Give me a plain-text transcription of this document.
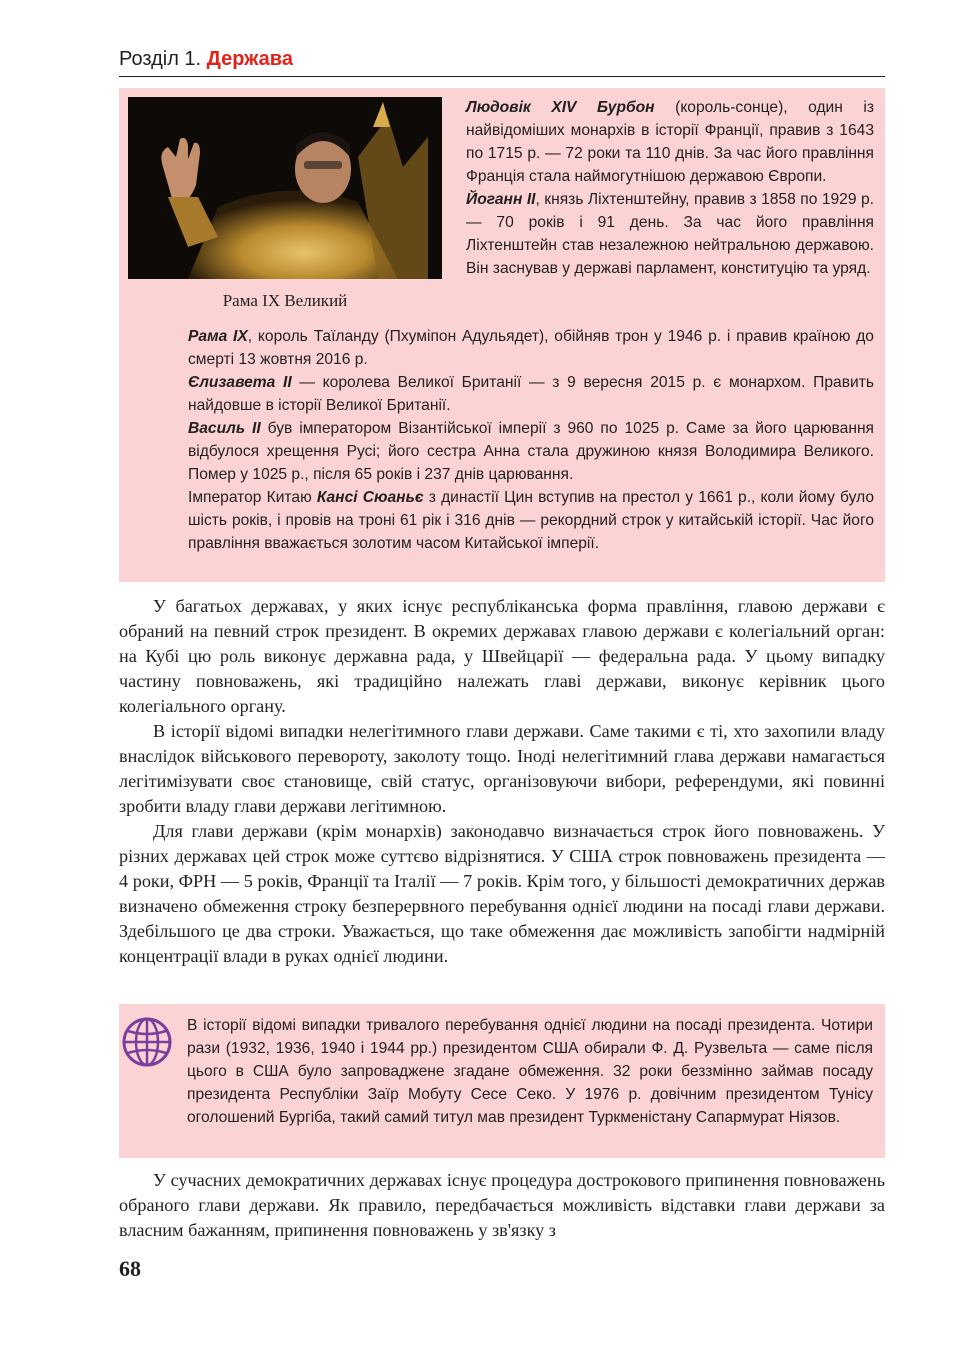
Розділ 1. Держава
Рама IX Великий

Людовік XIV Бурбон (король-сонце), один із найвідоміших монархів в історії Франції, правив з 1643 по 1715 р. — 72 роки та 110 днів. За час його правління Франція стала наймогутнішою державою Європи.

Йоганн II, князь Ліхтенштейну, правив з 1858 по 1929 р. — 70 років і 91 день. За час його правління Ліхтенштейн став незалежною нейтральною державою. Він заснував у державі парламент, конституцію та уряд.

Рама IX, король Таїланду (Пхуміпон Адульядет), обійняв трон у 1946 р. і правив країною до смерті 13 жовтня 2016 р.

Єлизавета II — королева Великої Британії — з 9 вересня 2015 р. є монархом. Править найдовше в історії Великої Британії.

Василь II був імператором Візантійської імперії з 960 по 1025 р. Саме за його царювання відбулося хрещення Русі; його сестра Анна стала дружиною князя Володимира Великого. Помер у 1025 р., після 65 років і 237 днів царювання.

Імператор Китаю Кансі Сюаньє з династії Цин вступив на престол у 1661 р., коли йому було шість років, і провів на троні 61 рік і 316 днів — рекордний строк у китайській історії. Час його правління вважається золотим часом Китайської імперії.

У багатьох державах, у яких існує республіканська форма правління, главою держави є обраний на певний строк президент. В окремих державах главою держави є колегіальний орган: на Кубі цю роль виконує державна рада, у Швейцарії — федеральна рада. У цьому випадку частину повноважень, які традиційно належать главі держави, виконує керівник цього колегіального органу.

В історії відомі випадки нелегітимного глави держави. Саме такими є ті, хто захопили владу внаслідок військового перевороту, заколоту тощо. Іноді нелегітимний глава держави намагається легітимізувати своє становище, свій статус, організовуючи вибори, референдуми, які повинні зробити владу глави держави легітимною.

Для глави держави (крім монархів) законодавчо визначається строк його повноважень. У різних державах цей строк може суттєво відрізнятися. У США строк повноважень президента — 4 роки, ФРН — 5 років, Франції та Італії — 7 років. Крім того, у більшості демократичних держав визначено обмеження строку безперервного перебування однієї людини на посаді глави держави. Здебільшого це два строки. Уважається, що таке обмеження дає можливість запобігти надмірній концентрації влади в руках однієї людини.

В історії відомі випадки тривалого перебування однієї людини на посаді президента. Чотири рази (1932, 1936, 1940 і 1944 рр.) президентом США обирали Ф. Д. Рузвельта — саме після цього в США було запроваджене згадане обмеження. 32 роки беззмінно займав посаду президента Республіки Заїр Мобуту Сесе Секо. У 1976 р. довічним президентом Тунісу оголошений Бургіба, такий самий титул мав президент Туркменістану Сапармурат Ніязов.

У сучасних демократичних державах існує процедура дострокового припинення повноважень обраного глави держави. Як правило, передбачається можливість відставки глави держави за власним бажанням, припинення повноважень у зв'язку з

68
